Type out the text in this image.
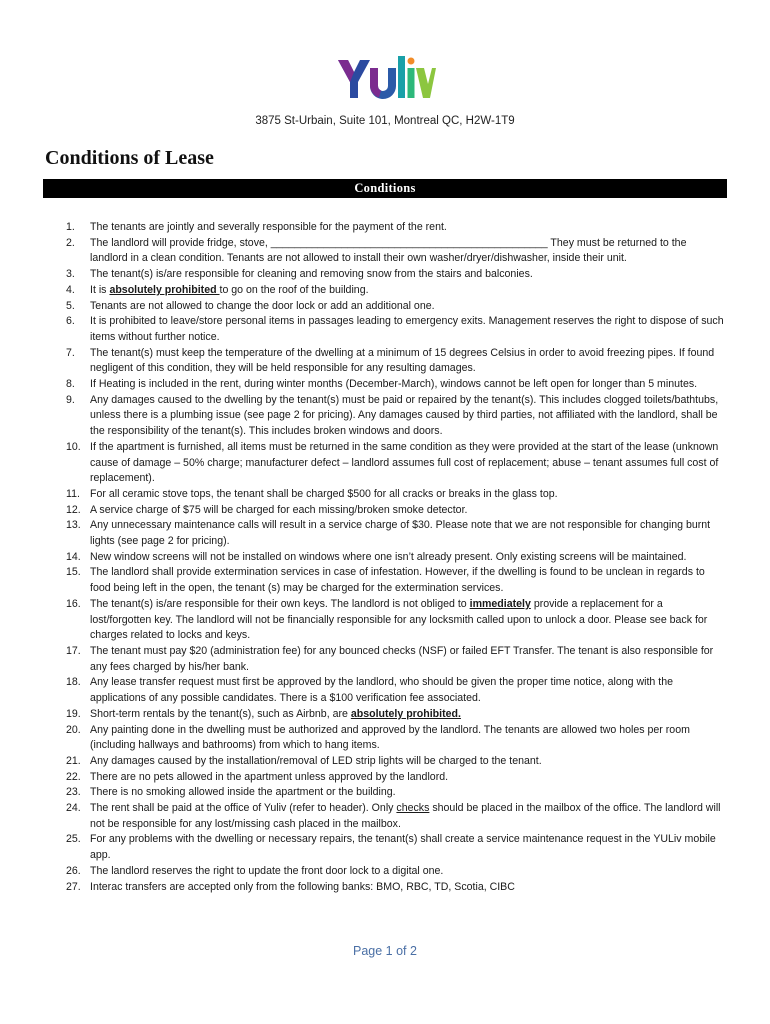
3875 St-Urbain, Suite 101, Montreal QC, H2W-1T9
Conditions of Lease
Conditions
1. The tenants are jointly and severally responsible for the payment of the rent.
2. The landlord will provide fridge, stove, _______________________________________________ They must be returned to the landlord in a clean condition. Tenants are not allowed to install their own washer/dryer/dishwasher, inside their unit.
3. The tenant(s) is/are responsible for cleaning and removing snow from the stairs and balconies.
4. It is absolutely prohibited to go on the roof of the building.
5. Tenants are not allowed to change the door lock or add an additional one.
6. It is prohibited to leave/store personal items in passages leading to emergency exits. Management reserves the right to dispose of such items without further notice.
7. The tenant(s) must keep the temperature of the dwelling at a minimum of 15 degrees Celsius in order to avoid freezing pipes. If found negligent of this condition, they will be held responsible for any resulting damages.
8. If Heating is included in the rent, during winter months (December-March), windows cannot be left open for longer than 5 minutes.
9. Any damages caused to the dwelling by the tenant(s) must be paid or repaired by the tenant(s). This includes clogged toilets/bathtubs, unless there is a plumbing issue (see page 2 for pricing). Any damages caused by third parties, not affiliated with the landlord, shall be the responsibility of the tenant(s). This includes broken windows and doors.
10. If the apartment is furnished, all items must be returned in the same condition as they were provided at the start of the lease (unknown cause of damage – 50% charge; manufacturer defect – landlord assumes full cost of replacement; abuse – tenant assumes full cost of replacement).
11. For all ceramic stove tops, the tenant shall be charged $500 for all cracks or breaks in the glass top.
12. A service charge of $75 will be charged for each missing/broken smoke detector.
13. Any unnecessary maintenance calls will result in a service charge of $30. Please note that we are not responsible for changing burnt lights (see page 2 for pricing).
14. New window screens will not be installed on windows where one isn’t already present. Only existing screens will be maintained.
15. The landlord shall provide extermination services in case of infestation. However, if the dwelling is found to be unclean in regards to food being left in the open, the tenant (s) may be charged for the extermination services.
16. The tenant(s) is/are responsible for their own keys. The landlord is not obliged to immediately provide a replacement for a lost/forgotten key. The landlord will not be financially responsible for any locksmith called upon to unlock a door. Please see back for charges related to locks and keys.
17. The tenant must pay $20 (administration fee) for any bounced checks (NSF) or failed EFT Transfer. The tenant is also responsible for any fees charged by his/her bank.
18. Any lease transfer request must first be approved by the landlord, who should be given the proper time notice, along with the applications of any possible candidates. There is a $100 verification fee associated.
19. Short-term rentals by the tenant(s), such as Airbnb, are absolutely prohibited.
20. Any painting done in the dwelling must be authorized and approved by the landlord. The tenants are allowed two holes per room (including hallways and bathrooms) from which to hang items.
21. Any damages caused by the installation/removal of LED strip lights will be charged to the tenant.
22. There are no pets allowed in the apartment unless approved by the landlord.
23. There is no smoking allowed inside the apartment or the building.
24. The rent shall be paid at the office of Yuliv (refer to header). Only checks should be placed in the mailbox of the office. The landlord will not be responsible for any lost/missing cash placed in the mailbox.
25. For any problems with the dwelling or necessary repairs, the tenant(s) shall create a service maintenance request in the YULiv mobile app.
26. The landlord reserves the right to update the front door lock to a digital one.
27. Interac transfers are accepted only from the following banks: BMO, RBC, TD, Scotia, CIBC
Page 1 of 2
